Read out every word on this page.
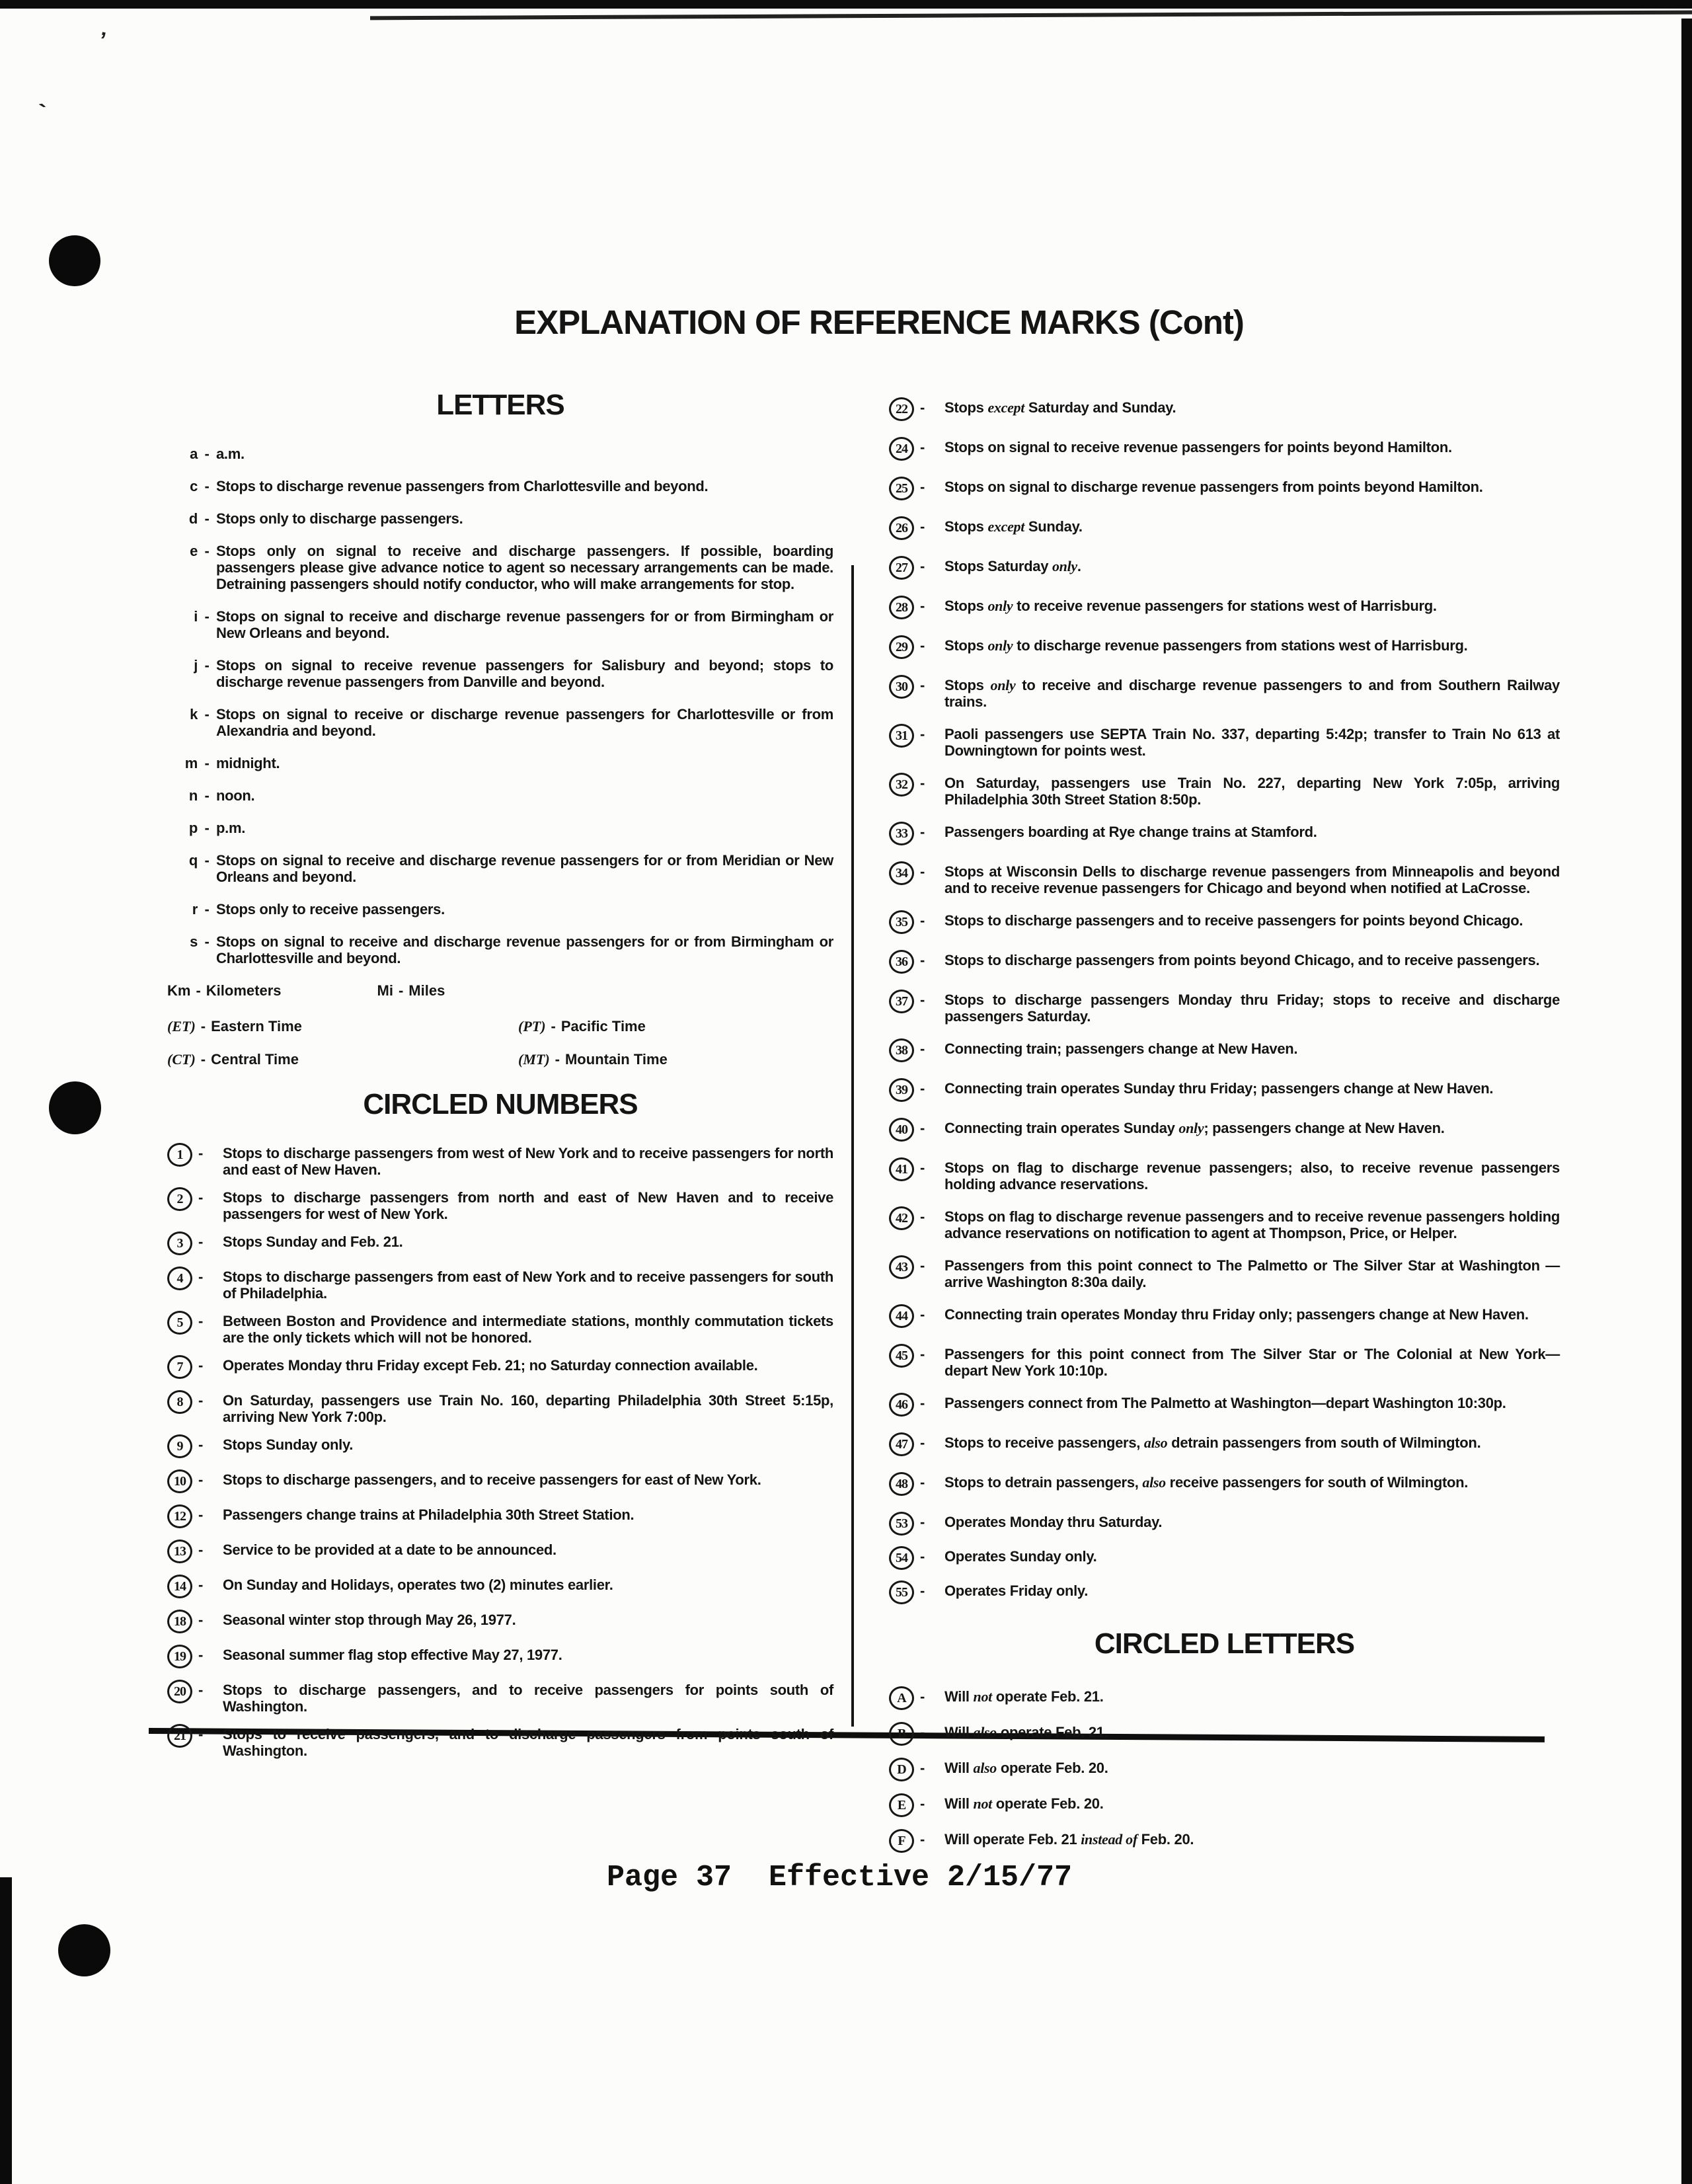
’
`
EXPLANATION OF REFERENCE MARKS (Cont)
LETTERS
a - a.m.
c - Stops to discharge revenue passengers from Charlottesville and beyond.
d - Stops only to discharge passengers.
e - Stops only on signal to receive and discharge passengers. If possible, boarding passengers please give advance notice to agent so necessary arrangements can be made. Detraining passengers should notify conductor, who will make arrangements for stop.
i - Stops on signal to receive and discharge revenue passengers for or from Birmingham or New Orleans and beyond.
j - Stops on signal to receive revenue passengers for Salisbury and beyond; stops to discharge revenue passengers from Danville and beyond.
k - Stops on signal to receive or discharge revenue passengers for Charlottesville or from Alexandria and beyond.
m - midnight.
n - noon.
p - p.m.
q - Stops on signal to receive and discharge revenue passengers for or from Meridian or New Orleans and beyond.
r - Stops only to receive passengers.
s - Stops on signal to receive and discharge revenue passengers for or from Birmingham or Charlottesville and beyond.
Km - Kilometers	Mi - Miles
(ET) - Eastern Time	(PT) - Pacific Time
(CT) - Central Time	(MT) - Mountain Time
CIRCLED NUMBERS
1	- Stops to discharge passengers from west of New York and to receive passengers for north and east of New Haven.
2	- Stops to discharge passengers from north and east of New Haven and to receive passengers for west of New York.
3	- Stops Sunday and Feb. 21.
4	- Stops to discharge passengers from east of New York and to receive passengers for south of Philadelphia.
5	- Between Boston and Providence and intermediate stations, monthly commutation tickets are the only tickets which will not be honored.
7	- Operates Monday thru Friday except Feb. 21; no Saturday connection available.
8	- On Saturday, passengers use Train No. 160, departing Philadelphia 30th Street 5:15p, arriving New York 7:00p.
9	- Stops Sunday only.
10 - Stops to discharge passengers, and to receive passengers for east of New York.
12 - Passengers change trains at Philadelphia 30th Street Station.
13 - Service to be provided at a date to be announced.
14 - On Sunday and Holidays, operates two (2) minutes earlier.
18 - Seasonal winter stop through May 26, 1977.
19 - Seasonal summer flag stop effective May 27, 1977.
20 - Stops to discharge passengers, and to receive passengers for points south of Washington.
21 - Stops to receive passengers, and to discharge passengers from points south of Washington.
22 - Stops except Saturday and Sunday.
24 - Stops on signal to receive revenue passengers for points beyond Hamilton.
25 - Stops on signal to discharge revenue passengers from points beyond Hamilton.
26 - Stops except Sunday.
27 - Stops Saturday only.
28 - Stops only to receive revenue passengers for stations west of Harrisburg.
29 - Stops only to discharge revenue passengers from stations west of Harrisburg.
30 - Stops only to receive and discharge revenue passengers to and from Southern Railway trains.
31 - Paoli passengers use SEPTA Train No. 337, departing 5:42p; transfer to Train No 613 at Downingtown for points west.
32 - On Saturday, passengers use Train No. 227, departing New York 7:05p, arriving Philadelphia 30th Street Station 8:50p.
33 - Passengers boarding at Rye change trains at Stamford.
34 - Stops at Wisconsin Dells to discharge revenue passengers from Minneapolis and beyond and to receive revenue passengers for Chicago and beyond when notified at LaCrosse.
35 - Stops to discharge passengers and to receive passengers for points beyond Chicago.
36 - Stops to discharge passengers from points beyond Chicago, and to receive passengers.
37 - Stops to discharge passengers Monday thru Friday; stops to receive and discharge passengers Saturday.
38 - Connecting train; passengers change at New Haven.
39 - Connecting train operates Sunday thru Friday; passengers change at New Haven.
40 - Connecting train operates Sunday only; passengers change at New Haven.
41 - Stops on flag to discharge revenue passengers; also, to receive revenue passengers holding advance reservations.
42 - Stops on flag to discharge revenue passengers and to receive revenue passengers holding advance reservations on notification to agent at Thompson, Price, or Helper.
43 - Passengers from this point connect to The Palmetto or The Silver Star at Washington —arrive Washington 8:30a daily.
44 - Connecting train operates Monday thru Friday only; passengers change at New Haven.
45 - Passengers for this point connect from The Silver Star or The Colonial at New York— depart New York 10:10p.
46 - Passengers connect from The Palmetto at Washington—depart Washington 10:30p.
47 - Stops to receive passengers, also detrain passengers from south of Wilmington.
48 - Stops to detrain passengers, also receive passengers for south of Wilmington.
53 - Operates Monday thru Saturday.
54 - Operates Sunday only.
55 - Operates Friday only.
CIRCLED LETTERS
A - Will not operate Feb. 21.
B - Will also operate Feb. 21.
D - Will also operate Feb. 20.
E - Will not operate Feb. 20.
F	- Will operate Feb. 21 instead of Feb. 20.
Page 37 Effective 2/15/77
